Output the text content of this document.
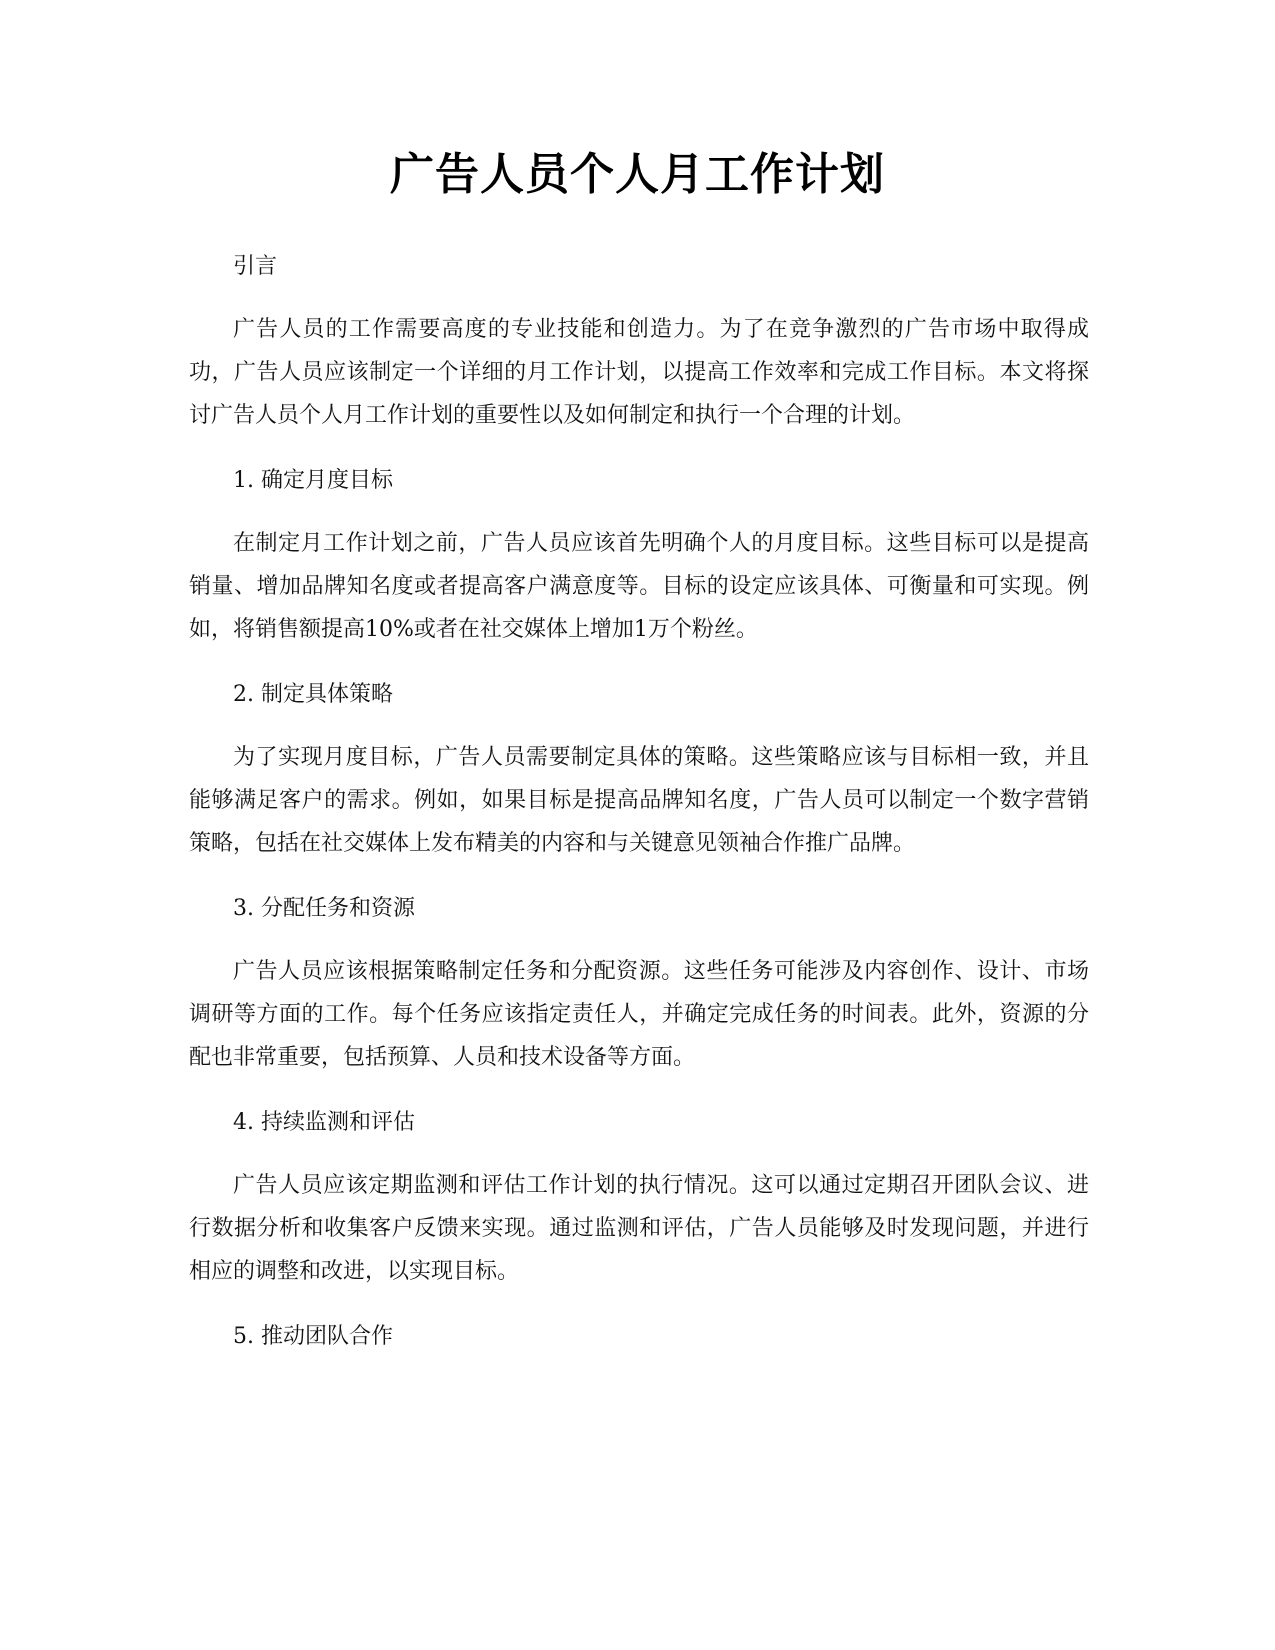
广告人员个人月工作计划

引言

广告人员的工作需要高度的专业技能和创造力。为了在竞争激烈的广告市场中取得成功，广告人员应该制定一个详细的月工作计划，以提高工作效率和完成工作目标。本文将探讨广告人员个人月工作计划的重要性以及如何制定和执行一个合理的计划。

1. 确定月度目标

在制定月工作计划之前，广告人员应该首先明确个人的月度目标。这些目标可以是提高销量、增加品牌知名度或者提高客户满意度等。目标的设定应该具体、可衡量和可实现。例如，将销售额提高10%或者在社交媒体上增加1万个粉丝。

2. 制定具体策略

为了实现月度目标，广告人员需要制定具体的策略。这些策略应该与目标相一致，并且能够满足客户的需求。例如，如果目标是提高品牌知名度，广告人员可以制定一个数字营销策略，包括在社交媒体上发布精美的内容和与关键意见领袖合作推广品牌。

3. 分配任务和资源

广告人员应该根据策略制定任务和分配资源。这些任务可能涉及内容创作、设计、市场调研等方面的工作。每个任务应该指定责任人，并确定完成任务的时间表。此外，资源的分配也非常重要，包括预算、人员和技术设备等方面。

4. 持续监测和评估

广告人员应该定期监测和评估工作计划的执行情况。这可以通过定期召开团队会议、进行数据分析和收集客户反馈来实现。通过监测和评估，广告人员能够及时发现问题，并进行相应的调整和改进，以实现目标。

5. 推动团队合作
